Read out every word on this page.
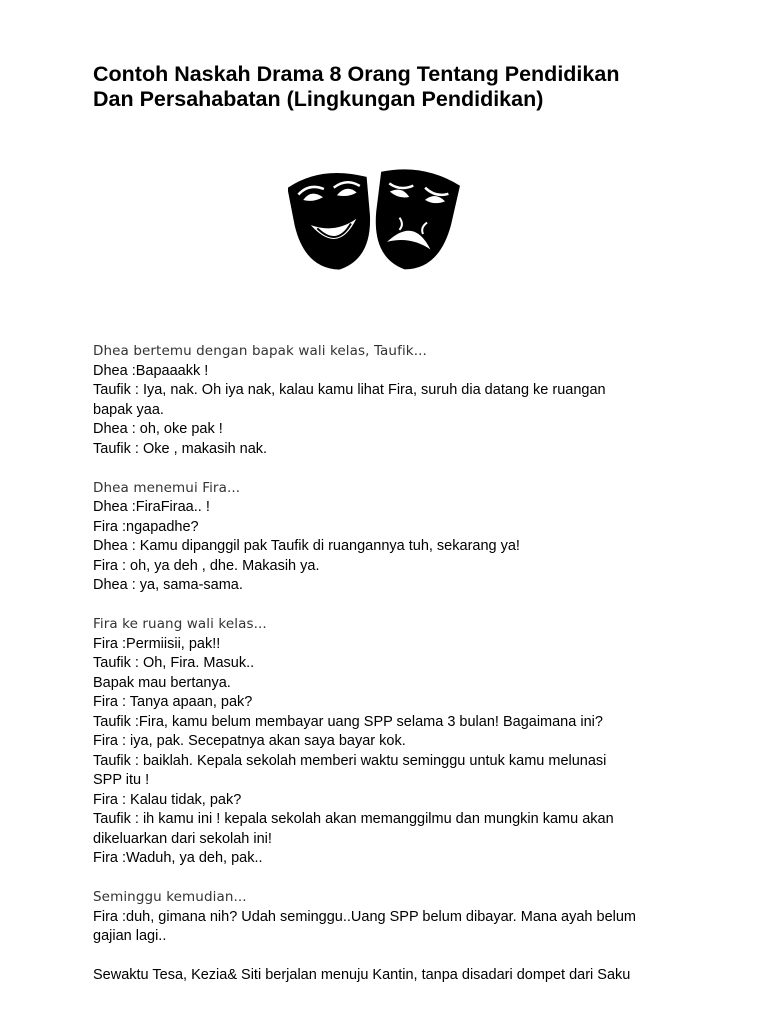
Contoh Naskah Drama 8 Orang Tentang Pendidikan
Dan Persahabatan (Lingkungan Pendidikan)
Dhea bertemu dengan bapak wali kelas, Taufik...
Dhea :Bapaaakk !
Taufik : Iya, nak. Oh iya nak, kalau kamu lihat Fira, suruh dia datang ke ruangan
bapak yaa.
Dhea : oh, oke pak !
Taufik : Oke , makasih nak.
Dhea menemui Fira...
Dhea :FiraFiraa.. !
Fira :ngapadhe?
Dhea : Kamu dipanggil pak Taufik di ruangannya tuh, sekarang ya!
Fira : oh, ya deh , dhe. Makasih ya.
Dhea : ya, sama-sama.
Fira ke ruang wali kelas...
Fira :Permiisii, pak!!
Taufik : Oh, Fira. Masuk..
Bapak mau bertanya.
Fira : Tanya apaan, pak?
Taufik :Fira, kamu belum membayar uang SPP selama 3 bulan! Bagaimana ini?
Fira : iya, pak. Secepatnya akan saya bayar kok.
Taufik : baiklah. Kepala sekolah memberi waktu seminggu untuk kamu melunasi
SPP itu !
Fira : Kalau tidak, pak?
Taufik : ih kamu ini ! kepala sekolah akan memanggilmu dan mungkin kamu akan
dikeluarkan dari sekolah ini!
Fira :Waduh, ya deh, pak..
Seminggu kemudian...
Fira :duh, gimana nih? Udah seminggu..Uang SPP belum dibayar. Mana ayah belum
gajian lagi..
Sewaktu Tesa, Kezia& Siti berjalan menuju Kantin, tanpa disadari dompet dari Saku
